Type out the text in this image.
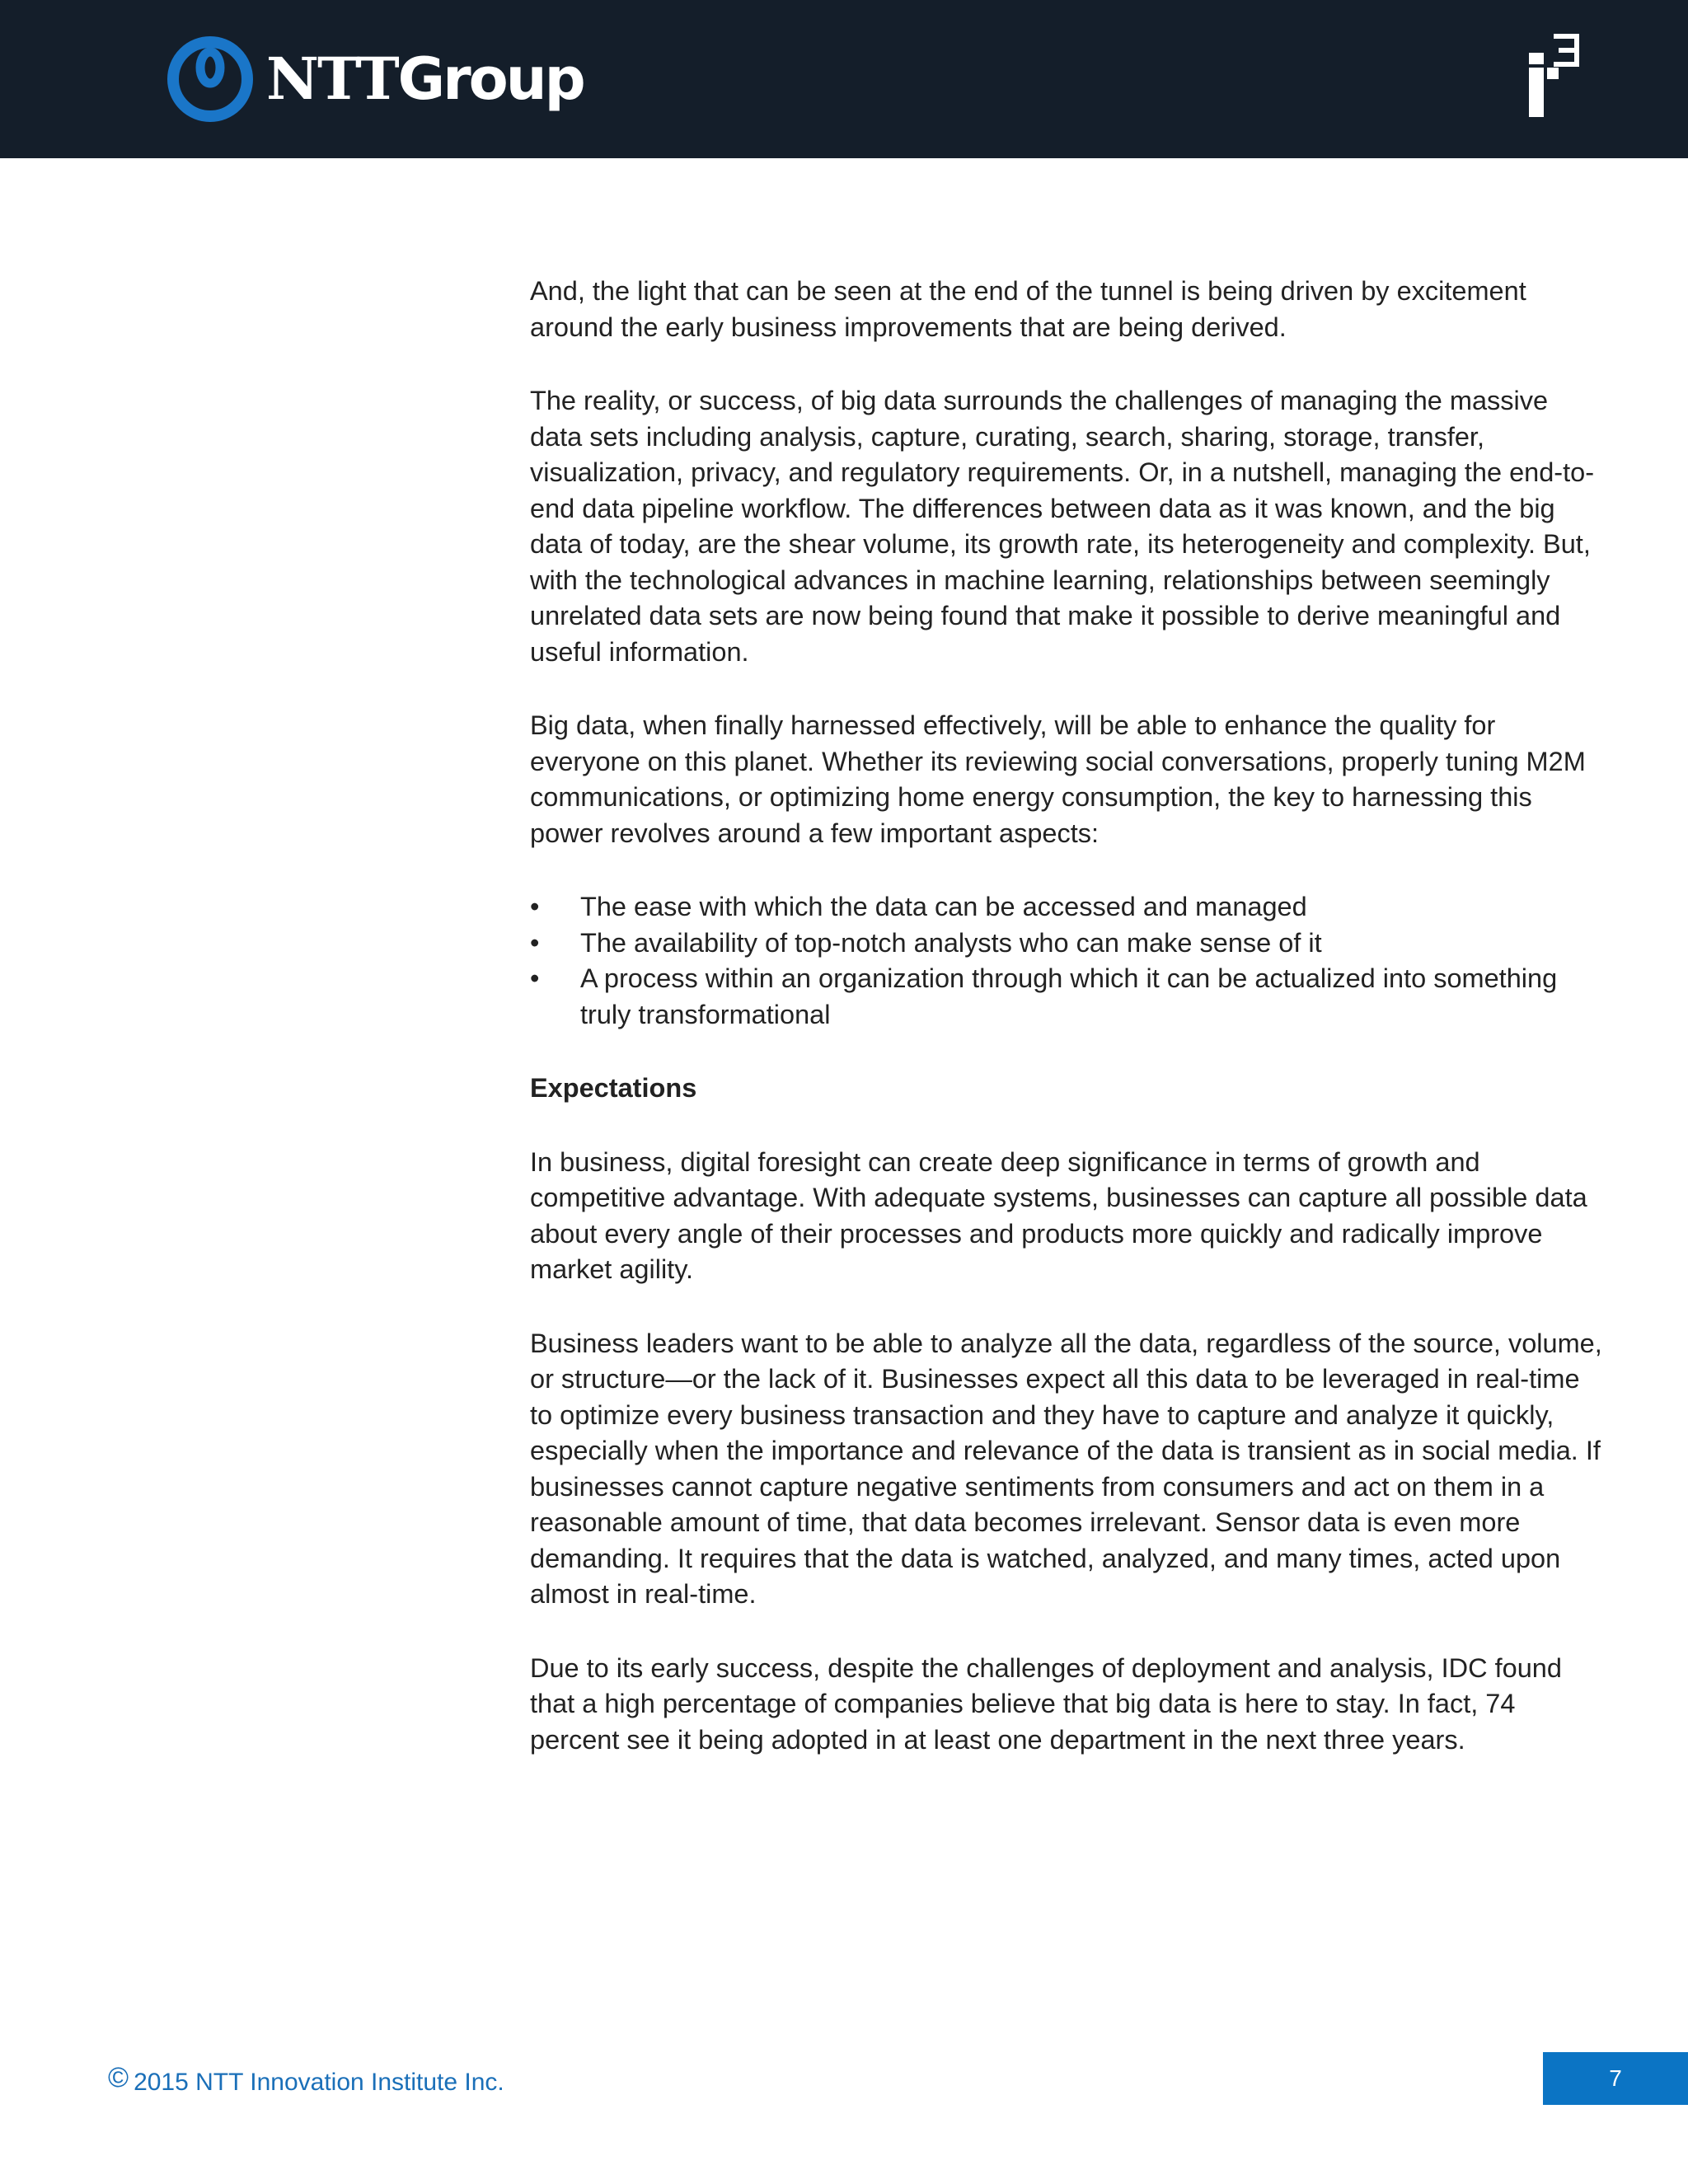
NTTGroup

And, the light that can be seen at the end of the tunnel is being driven by excitement around the early business improvements that are being derived.

The reality, or success, of big data surrounds the challenges of managing the massive data sets including analysis, capture, curating, search, sharing, storage, transfer, visualization, privacy, and regulatory requirements. Or, in a nutshell, managing the end-to-end data pipeline workflow. The differences between data as it was known, and the big data of today, are the shear volume, its growth rate, its heterogeneity and complexity. But, with the technological advances in machine learning, relationships between seemingly unrelated data sets are now being found that make it possible to derive meaningful and useful information.

Big data, when finally harnessed effectively, will be able to enhance the quality for everyone on this planet. Whether its reviewing social conversations, properly tuning M2M communications, or optimizing home energy consumption, the key to harnessing this power revolves around a few important aspects:

• The ease with which the data can be accessed and managed
• The availability of top-notch analysts who can make sense of it
• A process within an organization through which it can be actualized into something truly transformational
Expectations

In business, digital foresight can create deep significance in terms of growth and competitive advantage. With adequate systems, businesses can capture all possible data about every angle of their processes and products more quickly and radically improve market agility.

Business leaders want to be able to analyze all the data, regardless of the source, volume, or structure—or the lack of it. Businesses expect all this data to be leveraged in real-time to optimize every business transaction and they have to capture and analyze it quickly, especially when the importance and relevance of the data is transient as in social media. If businesses cannot capture negative sentiments from consumers and act on them in a reasonable amount of time, that data becomes irrelevant. Sensor data is even more demanding. It requires that the data is watched, analyzed, and many times, acted upon almost in real-time.

Due to its early success, despite the challenges of deployment and analysis, IDC found that a high percentage of companies believe that big data is here to stay. In fact, 74 percent see it being adopted in at least one department in the next three years.

© 2015 NTT Innovation Institute Inc.	7
